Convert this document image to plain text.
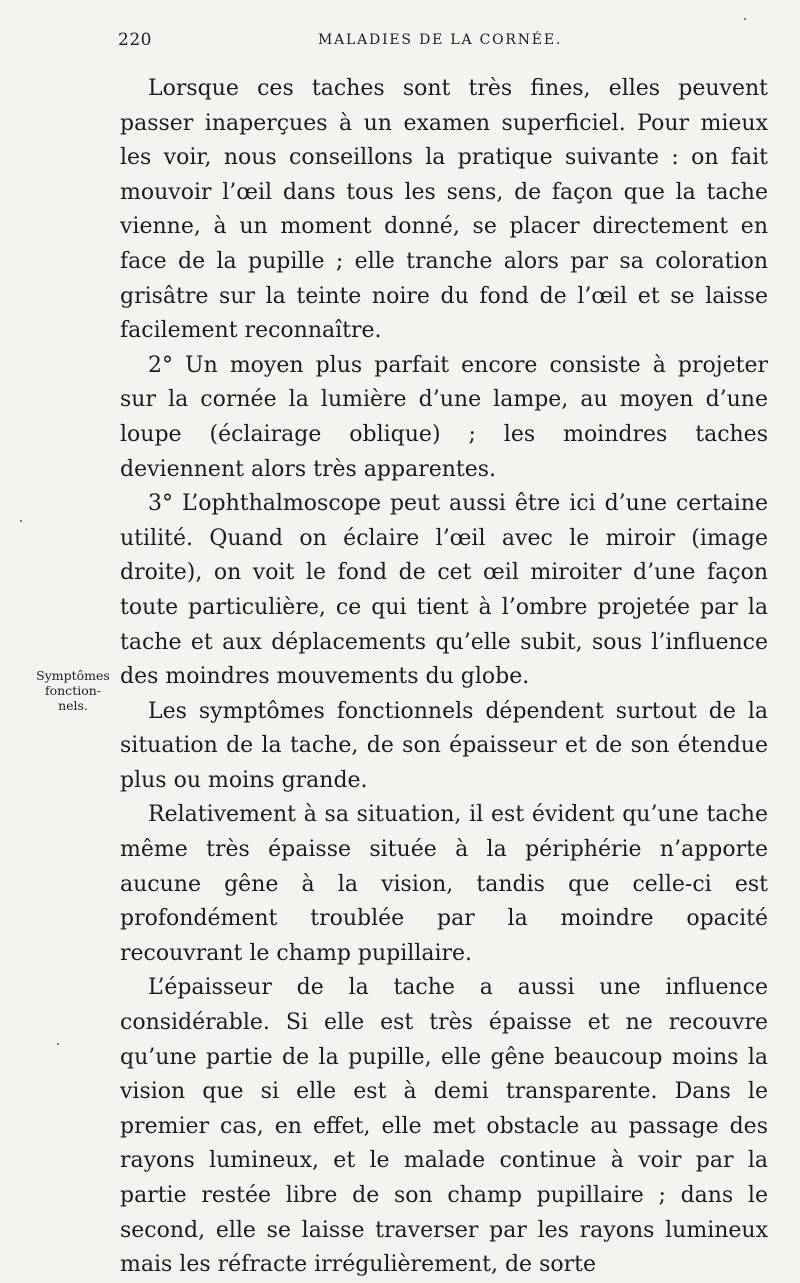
220	MALADIES DE LA CORNÉE.
Symptômes
fonction-
nels.

Lorsque ces taches sont très fines, elles peuvent passer inaperçues à un examen superficiel. Pour mieux les voir, nous conseillons la pratique suivante : on fait mouvoir l’œil dans tous les sens, de façon que la tache vienne, à un moment donné, se placer directement en face de la pupille ; elle tranche alors par sa coloration grisâtre sur la teinte noire du fond de l’œil et se laisse facilement reconnaître.

2° Un moyen plus parfait encore consiste à projeter sur la cornée la lumière d’une lampe, au moyen d’une loupe (éclairage oblique) ; les moindres taches deviennent alors très apparentes.

3° L’ophthalmoscope peut aussi être ici d’une certaine utilité. Quand on éclaire l’œil avec le miroir (image droite), on voit le fond de cet œil miroiter d’une façon toute particulière, ce qui tient à l’ombre projetée par la tache et aux déplacements qu’elle subit, sous l’influence des moindres mouvements du globe.

Les symptômes fonctionnels dépendent surtout de la situation de la tache, de son épaisseur et de son étendue plus ou moins grande.

Relativement à sa situation, il est évident qu’une tache même très épaisse située à la périphérie n’apporte aucune gêne à la vision, tandis que celle-ci est profondément troublée par la moindre opacité recouvrant le champ pupillaire.

L’épaisseur de la tache a aussi une influence considérable. Si elle est très épaisse et ne recouvre qu’une partie de la pupille, elle gêne beaucoup moins la vision que si elle est à demi transparente. Dans le premier cas, en effet, elle met obstacle au passage des rayons lumineux, et le malade continue à voir par la partie restée libre de son champ pupillaire ; dans le second, elle se laisse traverser par les rayons lumineux mais les réfracte irrégulièrement, de sorte
